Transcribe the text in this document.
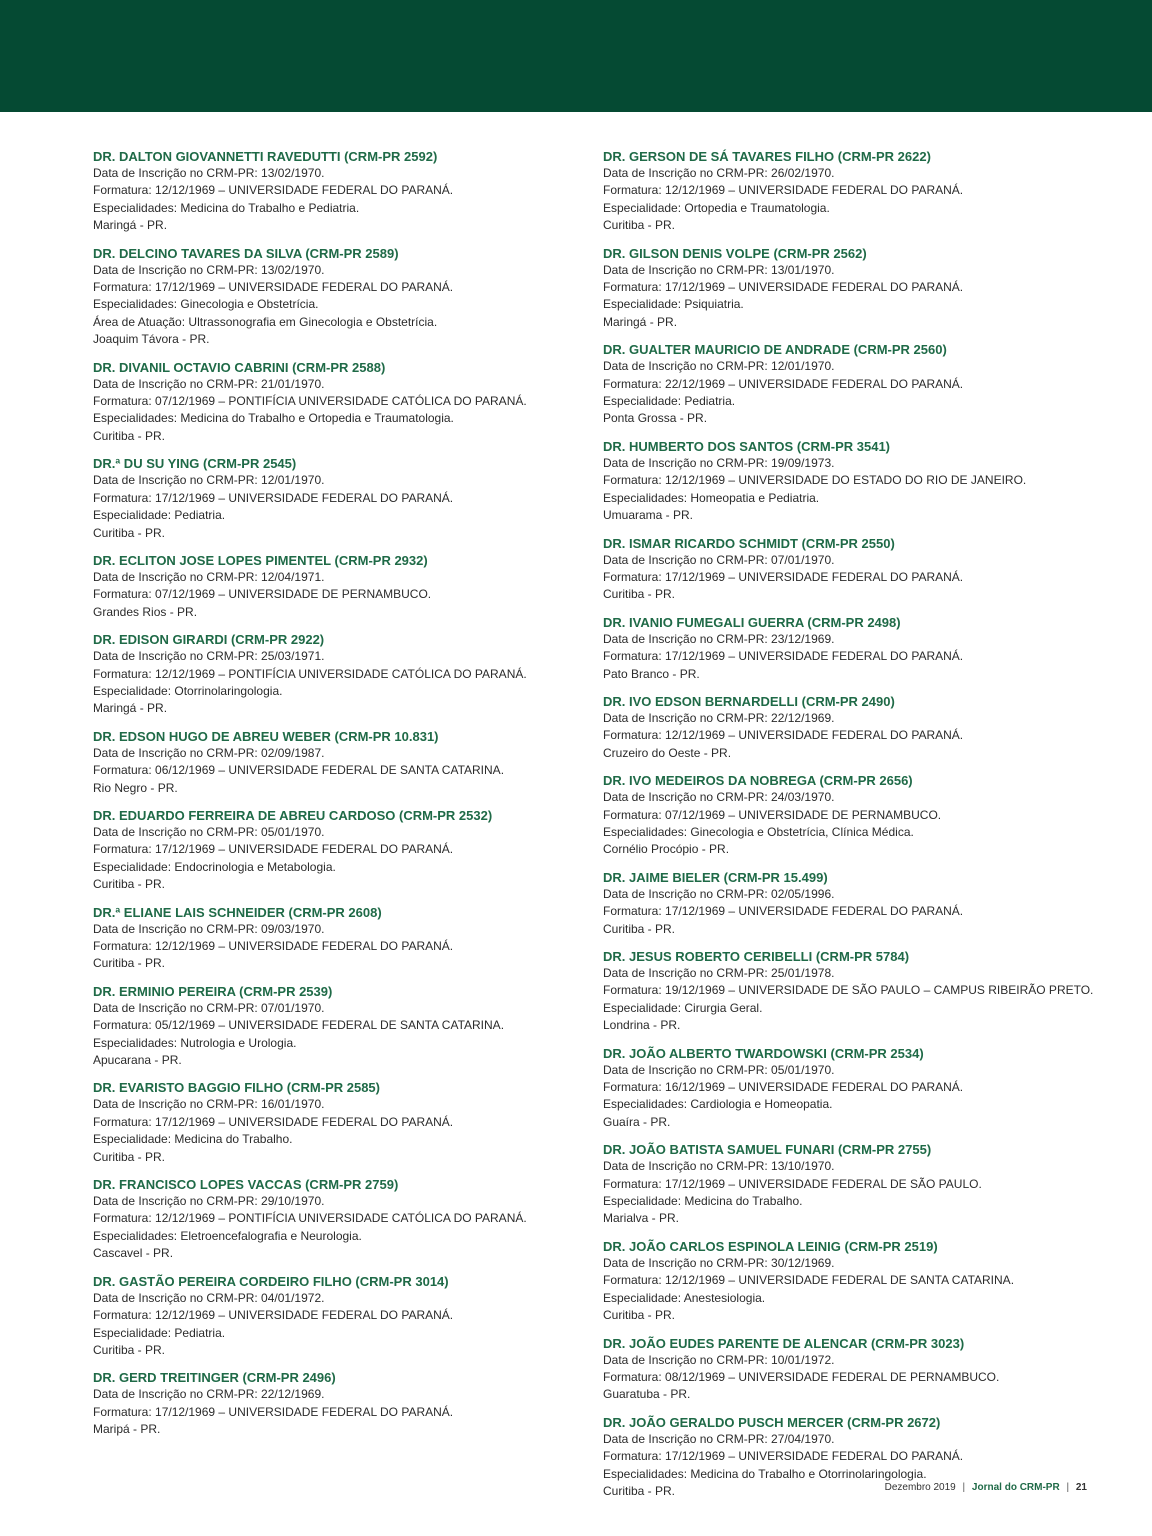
DR. DALTON GIOVANNETTI RAVEDUTTI (CRM-PR 2592)
Data de Inscrição no CRM-PR: 13/02/1970.
Formatura: 12/12/1969 – UNIVERSIDADE FEDERAL DO PARANÁ.
Especialidades: Medicina do Trabalho e Pediatria.
Maringá - PR.
DR. DELCINO TAVARES DA SILVA (CRM-PR 2589)
Data de Inscrição no CRM-PR: 13/02/1970.
Formatura: 17/12/1969 – UNIVERSIDADE FEDERAL DO PARANÁ.
Especialidades: Ginecologia e Obstetrícia.
Área de Atuação: Ultrassonografia em Ginecologia e Obstetrícia.
Joaquim Távora - PR.
DR. DIVANIL OCTAVIO CABRINI (CRM-PR 2588)
Data de Inscrição no CRM-PR: 21/01/1970.
Formatura: 07/12/1969 – PONTIFÍCIA UNIVERSIDADE CATÓLICA DO PARANÁ.
Especialidades: Medicina do Trabalho e Ortopedia e Traumatologia.
Curitiba - PR.
DR.ª DU SU YING (CRM-PR 2545)
Data de Inscrição no CRM-PR: 12/01/1970.
Formatura: 17/12/1969 – UNIVERSIDADE FEDERAL DO PARANÁ.
Especialidade: Pediatria.
Curitiba - PR.
DR. ECLITON JOSE LOPES PIMENTEL (CRM-PR 2932)
Data de Inscrição no CRM-PR: 12/04/1971.
Formatura: 07/12/1969 – UNIVERSIDADE DE PERNAMBUCO.
Grandes Rios - PR.
DR. EDISON GIRARDI (CRM-PR 2922)
Data de Inscrição no CRM-PR: 25/03/1971.
Formatura: 12/12/1969 – PONTIFÍCIA UNIVERSIDADE CATÓLICA DO PARANÁ.
Especialidade: Otorrinolaringologia.
Maringá - PR.
DR. EDSON HUGO DE ABREU WEBER (CRM-PR 10.831)
Data de Inscrição no CRM-PR: 02/09/1987.
Formatura: 06/12/1969 – UNIVERSIDADE FEDERAL DE SANTA CATARINA.
Rio Negro - PR.
DR. EDUARDO FERREIRA DE ABREU CARDOSO (CRM-PR 2532)
Data de Inscrição no CRM-PR: 05/01/1970.
Formatura: 17/12/1969 – UNIVERSIDADE FEDERAL DO PARANÁ.
Especialidade: Endocrinologia e Metabologia.
Curitiba - PR.
DR.ª ELIANE LAIS SCHNEIDER (CRM-PR 2608)
Data de Inscrição no CRM-PR: 09/03/1970.
Formatura: 12/12/1969 – UNIVERSIDADE FEDERAL DO PARANÁ.
Curitiba - PR.
DR. ERMINIO PEREIRA (CRM-PR 2539)
Data de Inscrição no CRM-PR: 07/01/1970.
Formatura: 05/12/1969 – UNIVERSIDADE FEDERAL DE SANTA CATARINA.
Especialidades: Nutrologia e Urologia.
Apucarana - PR.
DR. EVARISTO BAGGIO FILHO (CRM-PR 2585)
Data de Inscrição no CRM-PR: 16/01/1970.
Formatura: 17/12/1969 – UNIVERSIDADE FEDERAL DO PARANÁ.
Especialidade: Medicina do Trabalho.
Curitiba - PR.
DR. FRANCISCO LOPES VACCAS (CRM-PR 2759)
Data de Inscrição no CRM-PR: 29/10/1970.
Formatura: 12/12/1969 – PONTIFÍCIA UNIVERSIDADE CATÓLICA DO PARANÁ.
Especialidades: Eletroencefalografia e Neurologia.
Cascavel - PR.
DR. GASTÃO PEREIRA CORDEIRO FILHO (CRM-PR 3014)
Data de Inscrição no CRM-PR: 04/01/1972.
Formatura: 12/12/1969 – UNIVERSIDADE FEDERAL DO PARANÁ.
Especialidade: Pediatria.
Curitiba - PR.
DR. GERD TREITINGER (CRM-PR 2496)
Data de Inscrição no CRM-PR: 22/12/1969.
Formatura: 17/12/1969 – UNIVERSIDADE FEDERAL DO PARANÁ.
Maripá - PR.
DR. GERSON DE SÁ TAVARES FILHO (CRM-PR 2622)
Data de Inscrição no CRM-PR: 26/02/1970.
Formatura: 12/12/1969 – UNIVERSIDADE FEDERAL DO PARANÁ.
Especialidade: Ortopedia e Traumatologia.
Curitiba - PR.
DR. GILSON DENIS VOLPE (CRM-PR 2562)
Data de Inscrição no CRM-PR: 13/01/1970.
Formatura: 17/12/1969 – UNIVERSIDADE FEDERAL DO PARANÁ.
Especialidade: Psiquiatria.
Maringá - PR.
DR. GUALTER MAURICIO DE ANDRADE (CRM-PR 2560)
Data de Inscrição no CRM-PR: 12/01/1970.
Formatura: 22/12/1969 – UNIVERSIDADE FEDERAL DO PARANÁ.
Especialidade: Pediatria.
Ponta Grossa - PR.
DR. HUMBERTO DOS SANTOS (CRM-PR 3541)
Data de Inscrição no CRM-PR: 19/09/1973.
Formatura: 12/12/1969 – UNIVERSIDADE DO ESTADO DO RIO DE JANEIRO.
Especialidades: Homeopatia e Pediatria.
Umuarama - PR.
DR. ISMAR RICARDO SCHMIDT (CRM-PR 2550)
Data de Inscrição no CRM-PR: 07/01/1970.
Formatura: 17/12/1969 – UNIVERSIDADE FEDERAL DO PARANÁ.
Curitiba - PR.
DR. IVANIO FUMEGALI GUERRA (CRM-PR 2498)
Data de Inscrição no CRM-PR: 23/12/1969.
Formatura: 17/12/1969 – UNIVERSIDADE FEDERAL DO PARANÁ.
Pato Branco - PR.
DR. IVO EDSON BERNARDELLI (CRM-PR 2490)
Data de Inscrição no CRM-PR: 22/12/1969.
Formatura: 12/12/1969 – UNIVERSIDADE FEDERAL DO PARANÁ.
Cruzeiro do Oeste - PR.
DR. IVO MEDEIROS DA NOBREGA (CRM-PR 2656)
Data de Inscrição no CRM-PR: 24/03/1970.
Formatura: 07/12/1969 – UNIVERSIDADE DE PERNAMBUCO.
Especialidades: Ginecologia e Obstetrícia, Clínica Médica.
Cornélio Procópio - PR.
DR. JAIME BIELER (CRM-PR 15.499)
Data de Inscrição no CRM-PR: 02/05/1996.
Formatura: 17/12/1969 – UNIVERSIDADE FEDERAL DO PARANÁ.
Curitiba - PR.
DR. JESUS ROBERTO CERIBELLI (CRM-PR 5784)
Data de Inscrição no CRM-PR: 25/01/1978.
Formatura: 19/12/1969 – UNIVERSIDADE DE SÃO PAULO – CAMPUS RIBEIRÃO PRETO.
Especialidade: Cirurgia Geral.
Londrina - PR.
DR. JOÃO ALBERTO TWARDOWSKI (CRM-PR 2534)
Data de Inscrição no CRM-PR: 05/01/1970.
Formatura: 16/12/1969 – UNIVERSIDADE FEDERAL DO PARANÁ.
Especialidades: Cardiologia e Homeopatia.
Guaíra - PR.
DR. JOÃO BATISTA SAMUEL FUNARI (CRM-PR 2755)
Data de Inscrição no CRM-PR: 13/10/1970.
Formatura: 17/12/1969 – UNIVERSIDADE FEDERAL DE SÃO PAULO.
Especialidade: Medicina do Trabalho.
Marialva - PR.
DR. JOÃO CARLOS ESPINOLA LEINIG (CRM-PR 2519)
Data de Inscrição no CRM-PR: 30/12/1969.
Formatura: 12/12/1969 – UNIVERSIDADE FEDERAL DE SANTA CATARINA.
Especialidade: Anestesiologia.
Curitiba - PR.
DR. JOÃO EUDES PARENTE DE ALENCAR (CRM-PR 3023)
Data de Inscrição no CRM-PR: 10/01/1972.
Formatura: 08/12/1969 – UNIVERSIDADE FEDERAL DE PERNAMBUCO.
Guaratuba - PR.
DR. JOÃO GERALDO PUSCH MERCER (CRM-PR 2672)
Data de Inscrição no CRM-PR: 27/04/1970.
Formatura: 17/12/1969 – UNIVERSIDADE FEDERAL DO PARANÁ.
Especialidades: Medicina do Trabalho e Otorrinolaringologia.
Curitiba - PR.	Dezembro 2019 | Jornal do CRM-PR | 21
